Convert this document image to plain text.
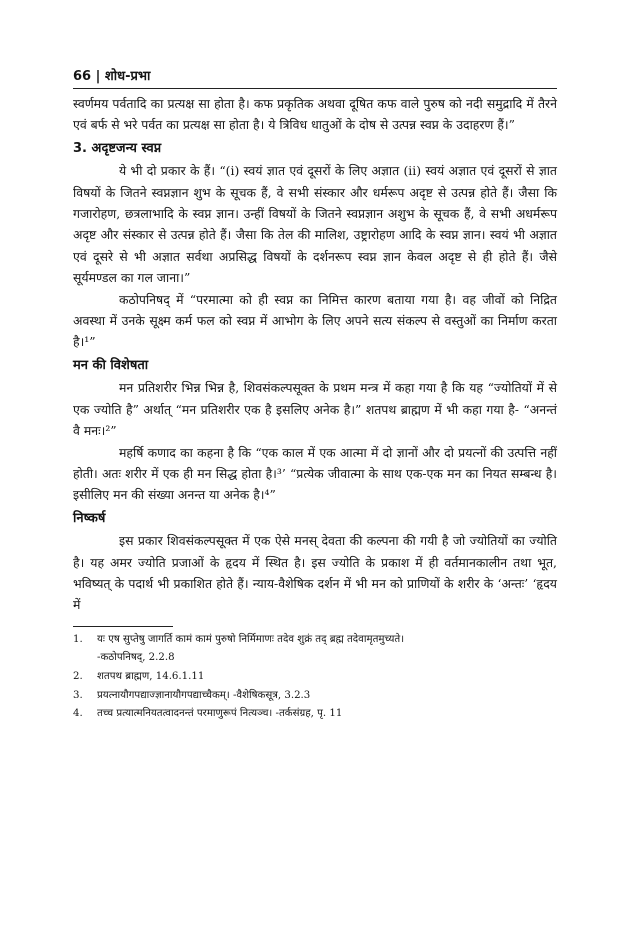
66 | शोध-प्रभा

स्वर्णमय पर्वतादि का प्रत्यक्ष सा होता है। कफ प्रकृतिक अथवा दूषित कफ वाले पुरुष को नदी समुद्रादि में तैरने एवं बर्फ से भरे पर्वत का प्रत्यक्ष सा होता है। ये त्रिविध धातुओं के दोष से उत्पन्न स्वप्न के उदाहरण हैं।”

3. अदृष्टजन्य स्वप्न

ये भी दो प्रकार के हैं। “(i) स्वयं ज्ञात एवं दूसरों के लिए अज्ञात (ii) स्वयं अज्ञात एवं दूसरों से ज्ञात विषयों के जितने स्वप्नज्ञान शुभ के सूचक हैं, वे सभी संस्कार और धर्मरूप अदृष्ट से उत्पन्न होते हैं। जैसा कि गजारोहण, छत्रलाभादि के स्वप्न ज्ञान। उन्हीं विषयों के जितने स्वप्नज्ञान अशुभ के सूचक हैं, वे सभी अधर्मरूप अदृष्ट और संस्कार से उत्पन्न होते हैं। जैसा कि तेल की मालिश, उष्ट्रारोहण आदि के स्वप्न ज्ञान। स्वयं भी अज्ञात एवं दूसरे से भी अज्ञात सर्वथा अप्रसिद्ध विषयों के दर्शनरूप स्वप्न ज्ञान केवल अदृष्ट से ही होते हैं। जैसे सूर्यमण्डल का गल जाना।”

कठोपनिषद् में “परमात्मा को ही स्वप्न का निमित्त कारण बताया गया है। वह जीवों को निद्रित अवस्था में उनके सूक्ष्म कर्म फल को स्वप्न में आभोग के लिए अपने सत्य संकल्प से वस्तुओं का निर्माण करता है।¹”

मन की विशेषता

मन प्रतिशरीर भिन्न भिन्न है, शिवसंकल्पसूक्त के प्रथम मन्त्र में कहा गया है कि यह “ज्योतियों में से एक ज्योति है” अर्थात् “मन प्रतिशरीर एक है इसलिए अनेक है।” शतपथ ब्राह्मण में भी कहा गया है- “अनन्तं वै मनः।²”

महर्षि कणाद का कहना है कि “एक काल में एक आत्मा में दो ज्ञानों और दो प्रयत्नों की उत्पत्ति नहीं होती। अतः शरीर में एक ही मन सिद्ध होता है।³’ “प्रत्येक जीवात्मा के साथ एक-एक मन का नियत सम्बन्ध है। इसीलिए मन की संख्या अनन्त या अनेक है।⁴”

निष्कर्ष

इस प्रकार शिवसंकल्पसूक्त में एक ऐसे मनस् देवता की कल्पना की गयी है जो ज्योतियों का ज्योति है। यह अमर ज्योति प्रजाओं के हृदय में स्थित है। इस ज्योति के प्रकाश में ही वर्तमानकालीन तथा भूत, भविष्यत् के पदार्थ भी प्रकाशित होते हैं। न्याय-वैशेषिक दर्शन में भी मन को प्राणियों के शरीर के ‘अन्तः’ ‘हृदय में

1.	यः एष सुप्तेषु जागर्ति कामं कामं पुरुषो निर्मिमाणः तदेव शुक्रं तद् ब्रह्म तदेवामृतमुच्यते।
-कठोपनिषद्, 2.2.8
2.	शतपथ ब्राह्मण, 14.6.1.11
3.	प्रयत्नायौगपद्याज्ज्ञानायौगपद्याच्चैकम्। -वैशेषिकसूत्र, 3.2.3
4.	तच्च प्रत्यात्मनियतत्वादनन्तं परमाणुरूपं नित्यञ्च। -तर्कसंग्रह, पृ. 11
